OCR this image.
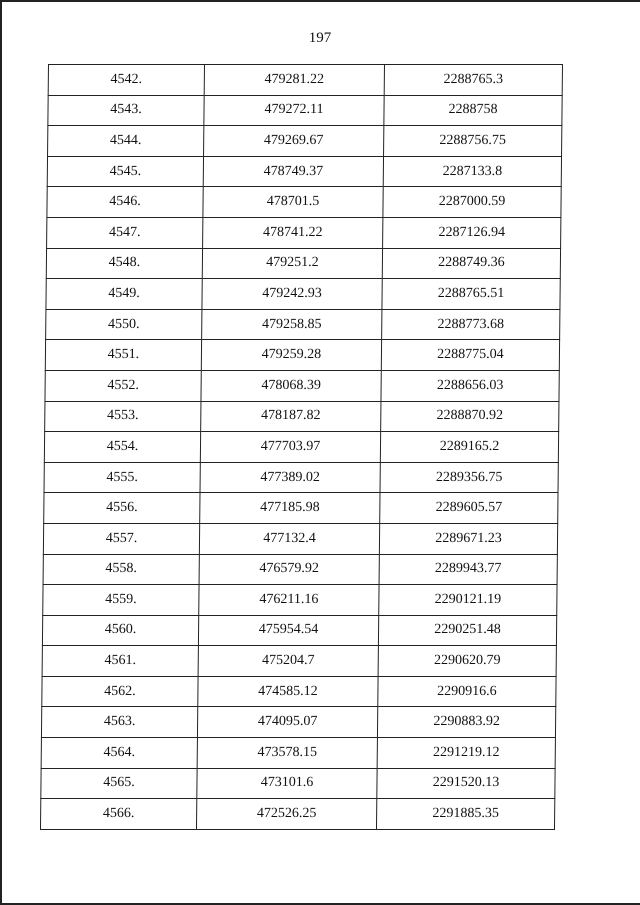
197
4542.	479281.22	2288765.3
4543.	479272.11	2288758
4544.	479269.67	2288756.75
4545.	478749.37	2287133.8
4546.	478701.5	2287000.59
4547.	478741.22	2287126.94
4548.	479251.2	2288749.36
4549.	479242.93	2288765.51
4550.	479258.85	2288773.68
4551.	479259.28	2288775.04
4552.	478068.39	2288656.03
4553.	478187.82	2288870.92
4554.	477703.97	2289165.2
4555.	477389.02	2289356.75
4556.	477185.98	2289605.57
4557.	477132.4	2289671.23
4558.	476579.92	2289943.77
4559.	476211.16	2290121.19
4560.	475954.54	2290251.48
4561.	475204.7	2290620.79
4562.	474585.12	2290916.6
4563.	474095.07	2290883.92
4564.	473578.15	2291219.12
4565.	473101.6	2291520.13
4566.	472526.25	2291885.35
